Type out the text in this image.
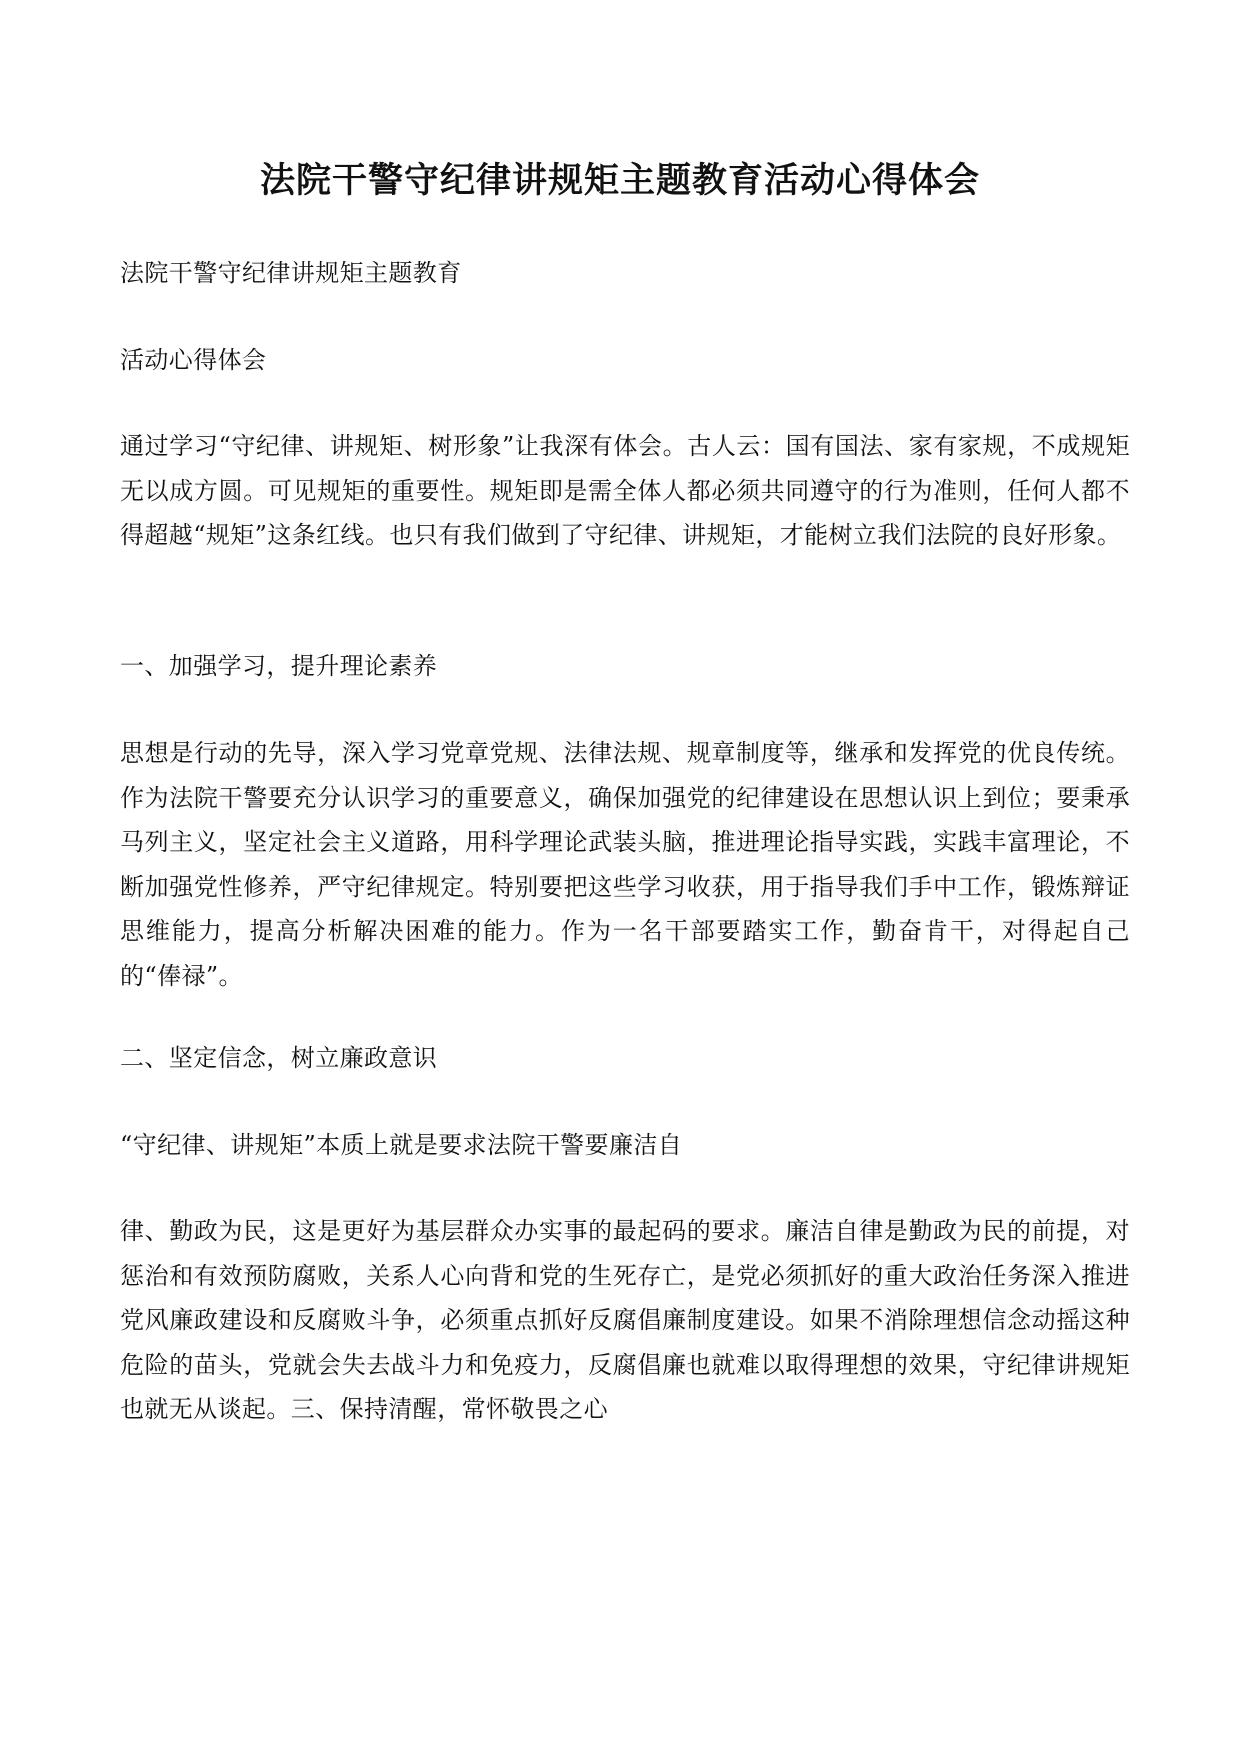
法院干警守纪律讲规矩主题教育活动心得体会

法院干警守纪律讲规矩主题教育

活动心得体会

通过学习“守纪律、讲规矩、树形象”让我深有体会。古人云：国有国法、家有家规，不成规矩无以成方圆。可见规矩的重要性。规矩即是需全体人都必须共同遵守的行为准则，任何人都不得超越“规矩”这条红线。也只有我们做到了守纪律、讲规矩，才能树立我们法院的良好形象。

一、加强学习，提升理论素养

思想是行动的先导，深入学习党章党规、法律法规、规章制度等，继承和发挥党的优良传统。作为法院干警要充分认识学习的重要意义，确保加强党的纪律建设在思想认识上到位；要秉承马列主义，坚定社会主义道路，用科学理论武装头脑，推进理论指导实践，实践丰富理论，不断加强党性修养，严守纪律规定。特别要把这些学习收获，用于指导我们手中工作，锻炼辩证思维能力，提高分析解决困难的能力。作为一名干部要踏实工作，勤奋肯干，对得起自己的“俸禄”。

二、坚定信念，树立廉政意识

“守纪律、讲规矩”本质上就是要求法院干警要廉洁自

律、勤政为民，这是更好为基层群众办实事的最起码的要求。廉洁自律是勤政为民的前提，对惩治和有效预防腐败，关系人心向背和党的生死存亡，是党必须抓好的重大政治任务深入推进党风廉政建设和反腐败斗争，必须重点抓好反腐倡廉制度建设。如果不消除理想信念动摇这种危险的苗头，党就会失去战斗力和免疫力，反腐倡廉也就难以取得理想的效果，守纪律讲规矩也就无从谈起。三、保持清醒，常怀敬畏之心
